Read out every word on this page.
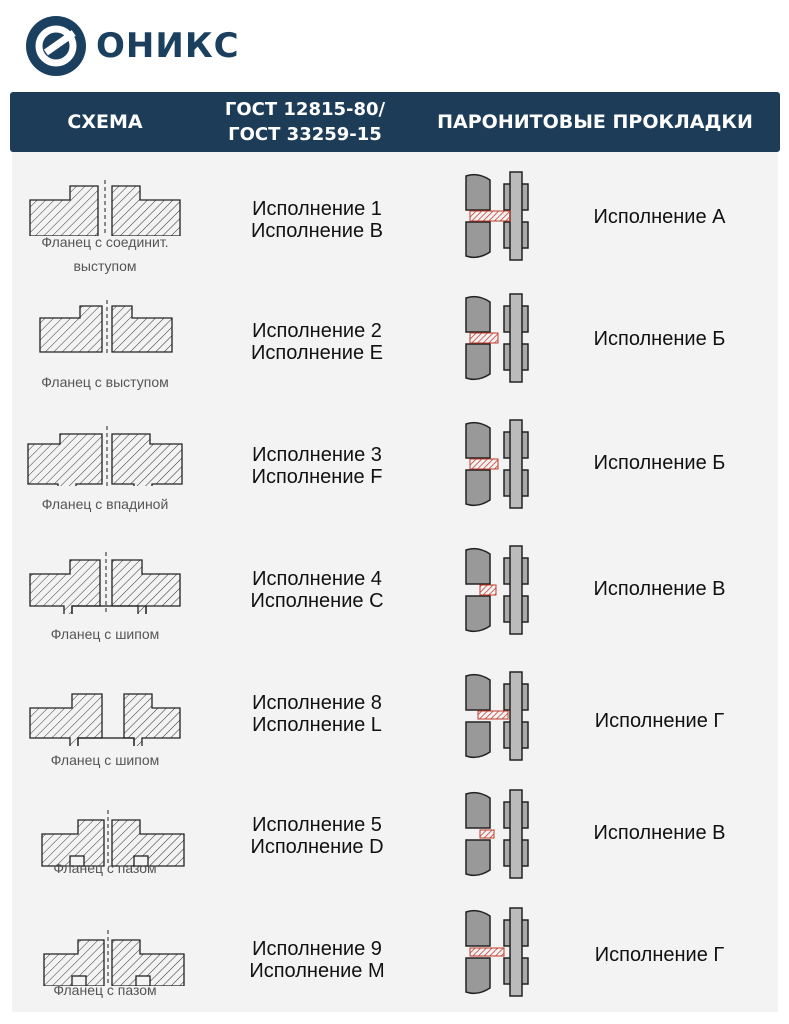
ОНИКС
СХЕМА
ГОСТ 12815-80/
ГОСТ 33259-15
ПАРОНИТОВЫЕ ПРОКЛАДКИ
Фланец с соединит.
выступом
Исполнение 1
Исполнение B
Исполнение А
Фланец с выступом
Исполнение 2
Исполнение E
Исполнение Б
Фланец с впадиной
Исполнение 3
Исполнение F
Исполнение Б
Фланец с шипом
Исполнение 4
Исполнение C
Исполнение В
Фланец с шипом
Исполнение 8
Исполнение L	Исполнение Г
Фланец с пазом
Исполнение 5
Исполнение D
Исполнение В
Фланец с пазом
Исполнение 9
Исполнение M
Исполнение Г
